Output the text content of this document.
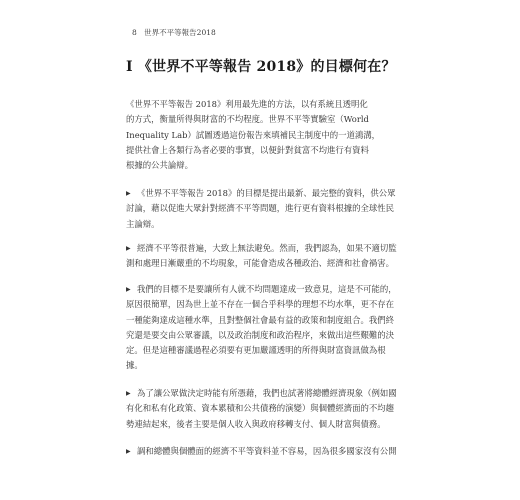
8 世界不平等報告2018
I 《世界不平等報告 2018》的目標何在？
《世界不平等報告 2018》利用最先進的方法，以有系統且透明化
的方式，衡量所得與財富的不均程度。世界不平等實驗室（World
Inequality Lab）試圖透過這份報告來填補民主制度中的一道鴻溝，
提供社會上各類行為者必要的事實，以便針對貧富不均進行有資料
根據的公共論辯。
▶ 《世界不平等報告 2018》的目標是提出最新、最完整的資料，供公眾
討論，藉以促進大眾針對經濟不平等問題，進行更有資料根據的全球性民
主論辯。
▶ 經濟不平等很普遍，大致上無法避免。然而，我們認為，如果不適切監
測和處理日漸嚴重的不均現象，可能會造成各種政治、經濟和社會禍害。
▶ 我們的目標不是要讓所有人就不均問題達成一致意見，這是不可能的，
原因很簡單，因為世上並不存在一個合乎科學的理想不均水準，更不存在
一種能夠達成這種水準，且對整個社會最有益的政策和制度組合。我們終
究還是要交由公眾審議，以及政治制度和政治程序，來做出這些艱難的決
定。但是這種審議過程必須要有更加嚴謹透明的所得與財富資訊做為根
據。
▶ 為了讓公眾做決定時能有所憑藉，我們也試著將總體經濟現象（例如國
有化和私有化政策、資本累積和公共債務的演變）與個體經濟面的不均趨
勢連結起來，後者主要是個人收入與政府移轉支付、個人財富與債務。
▶ 調和總體與個體面的經濟不平等資料並不容易，因為很多國家沒有公開
